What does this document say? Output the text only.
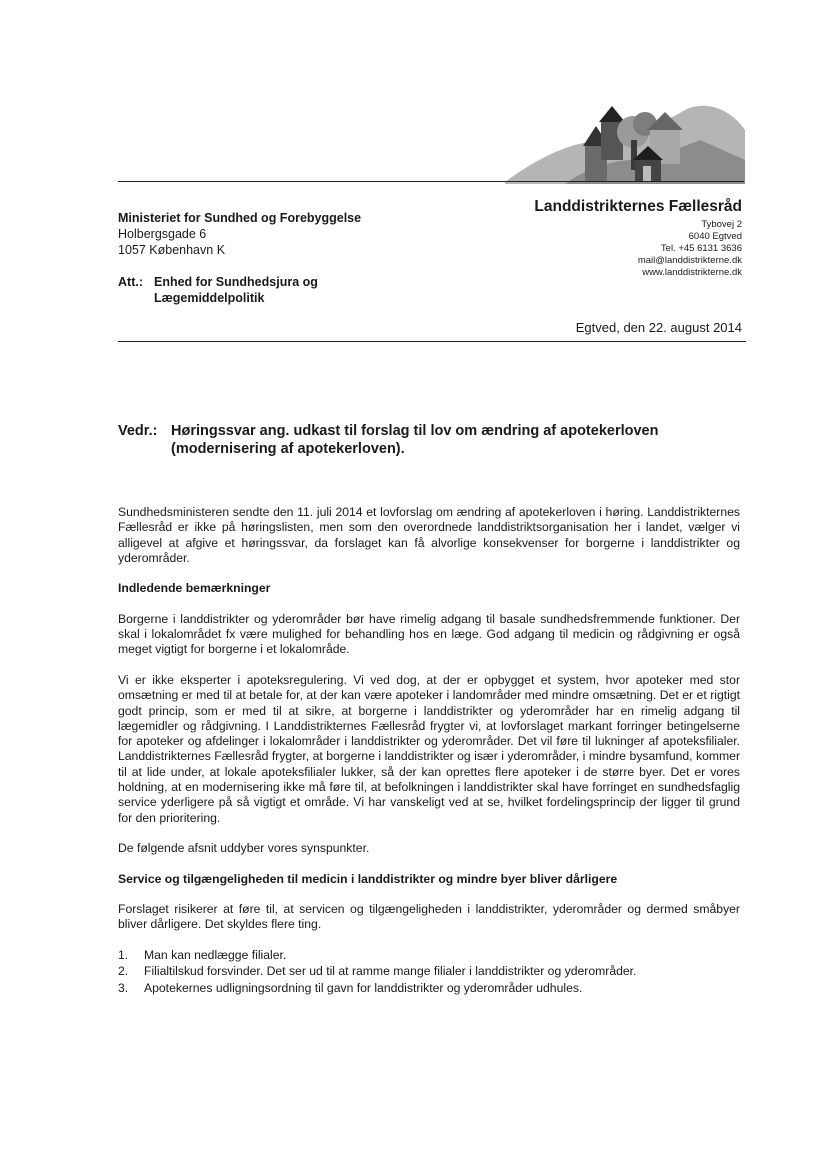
Ministeriet for Sundhed og Forebyggelse
Holbergsgade 6
1057 København K
Att.: Enhed for Sundhedsjura og
Lægemiddelpolitik
Landdistrikternes Fællesråd
Tybovej 2
6040 Egtved
Tel. +45 6131 3636
mail@landdistrikterne.dk
www.landdistrikterne.dk
Egtved, den 22. august 2014
Vedr.: Høringssvar ang. udkast til forslag til lov om ændring af apotekerloven
(modernisering af apotekerloven).

Sundhedsministeren sendte den 11. juli 2014 et lovforslag om ændring af apotekerloven i høring. Landdistrikternes Fællesråd er ikke på høringslisten, men som den overordnede landdistriktsorganisation her i landet, vælger vi alligevel at afgive et høringssvar, da forslaget kan få alvorlige konsekvenser for borgerne i landdistrikter og yderområder.

Indledende bemærkninger

Borgerne i landdistrikter og yderområder bør have rimelig adgang til basale sundhedsfremmende funktioner. Der skal i lokalområdet fx være mulighed for behandling hos en læge. God adgang til medicin og rådgivning er også meget vigtigt for borgerne i et lokalområde.

Vi er ikke eksperter i apoteksregulering. Vi ved dog, at der er opbygget et system, hvor apoteker med stor omsætning er med til at betale for, at der kan være apoteker i landområder med mindre omsætning. Det er et rigtigt godt princip, som er med til at sikre, at borgerne i landdistrikter og yderområder har en rimelig adgang til lægemidler og rådgivning. I Landdistrikternes Fællesråd frygter vi, at lovforslaget markant forringer betingelserne for apoteker og afdelinger i lokalområder i landdistrikter og yderområder. Det vil føre til lukninger af apoteksfilialer. Landdistrikternes Fællesråd frygter, at borgerne i landdistrikter og især i yderområder, i mindre bysamfund, kommer til at lide under, at lokale apoteksfilialer lukker, så der kan oprettes flere apoteker i de større byer. Det er vores holdning, at en modernisering ikke må føre til, at befolkningen i landdistrikter skal have forringet en sundhedsfaglig service yderligere på så vigtigt et område. Vi har vanskeligt ved at se, hvilket fordelingsprincip der ligger til grund for den prioritering.

De følgende afsnit uddyber vores synspunkter.

Service og tilgængeligheden til medicin i landdistrikter og mindre byer bliver dårligere

Forslaget risikerer at føre til, at servicen og tilgængeligheden i landdistrikter, yderområder og dermed småbyer bliver dårligere. Det skyldes flere ting.

1. Man kan nedlægge filialer.
2. Filialtilskud forsvinder. Det ser ud til at ramme mange filialer i landdistrikter og yderområder.
3. Apotekernes udligningsordning til gavn for landdistrikter og yderområder udhules.
